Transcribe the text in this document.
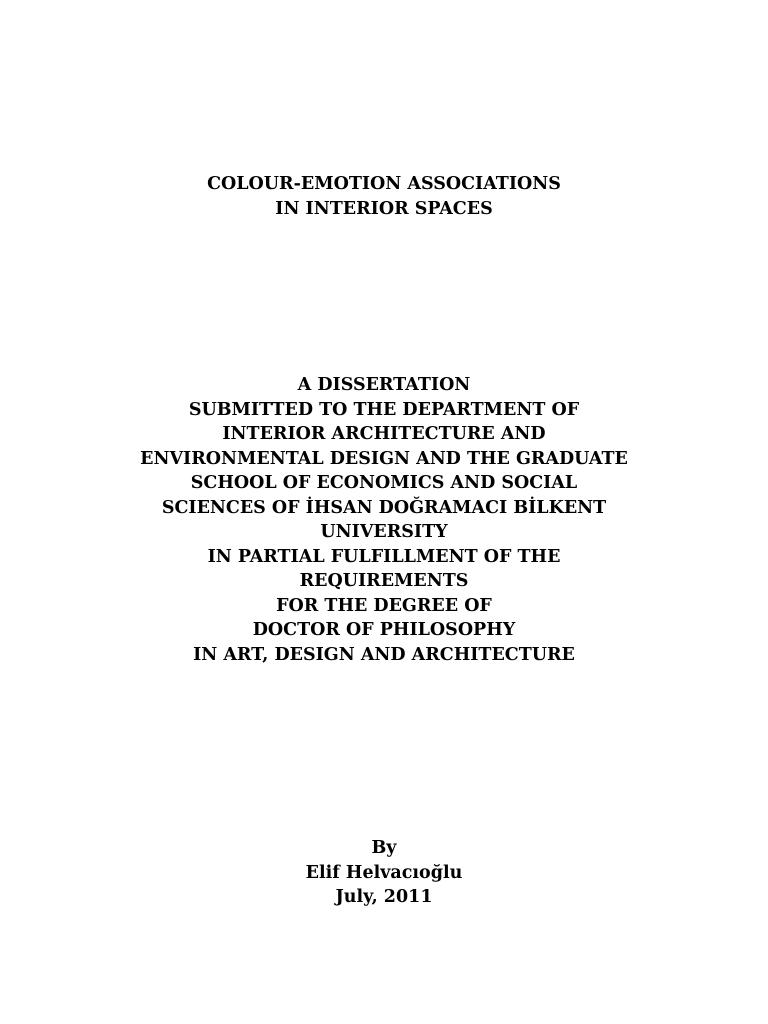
COLOUR-EMOTION ASSOCIATIONS
IN INTERIOR SPACES
A DISSERTATION
SUBMITTED TO THE DEPARTMENT OF
INTERIOR ARCHITECTURE AND
ENVIRONMENTAL DESIGN AND THE GRADUATE
SCHOOL OF ECONOMICS AND SOCIAL
SCIENCES OF İHSAN DOĞRAMACI BİLKENT
UNIVERSITY
IN PARTIAL FULFILLMENT OF THE
REQUIREMENTS
FOR THE DEGREE OF
DOCTOR OF PHILOSOPHY
IN ART, DESIGN AND ARCHITECTURE
By
Elif Helvacıoğlu
July, 2011
